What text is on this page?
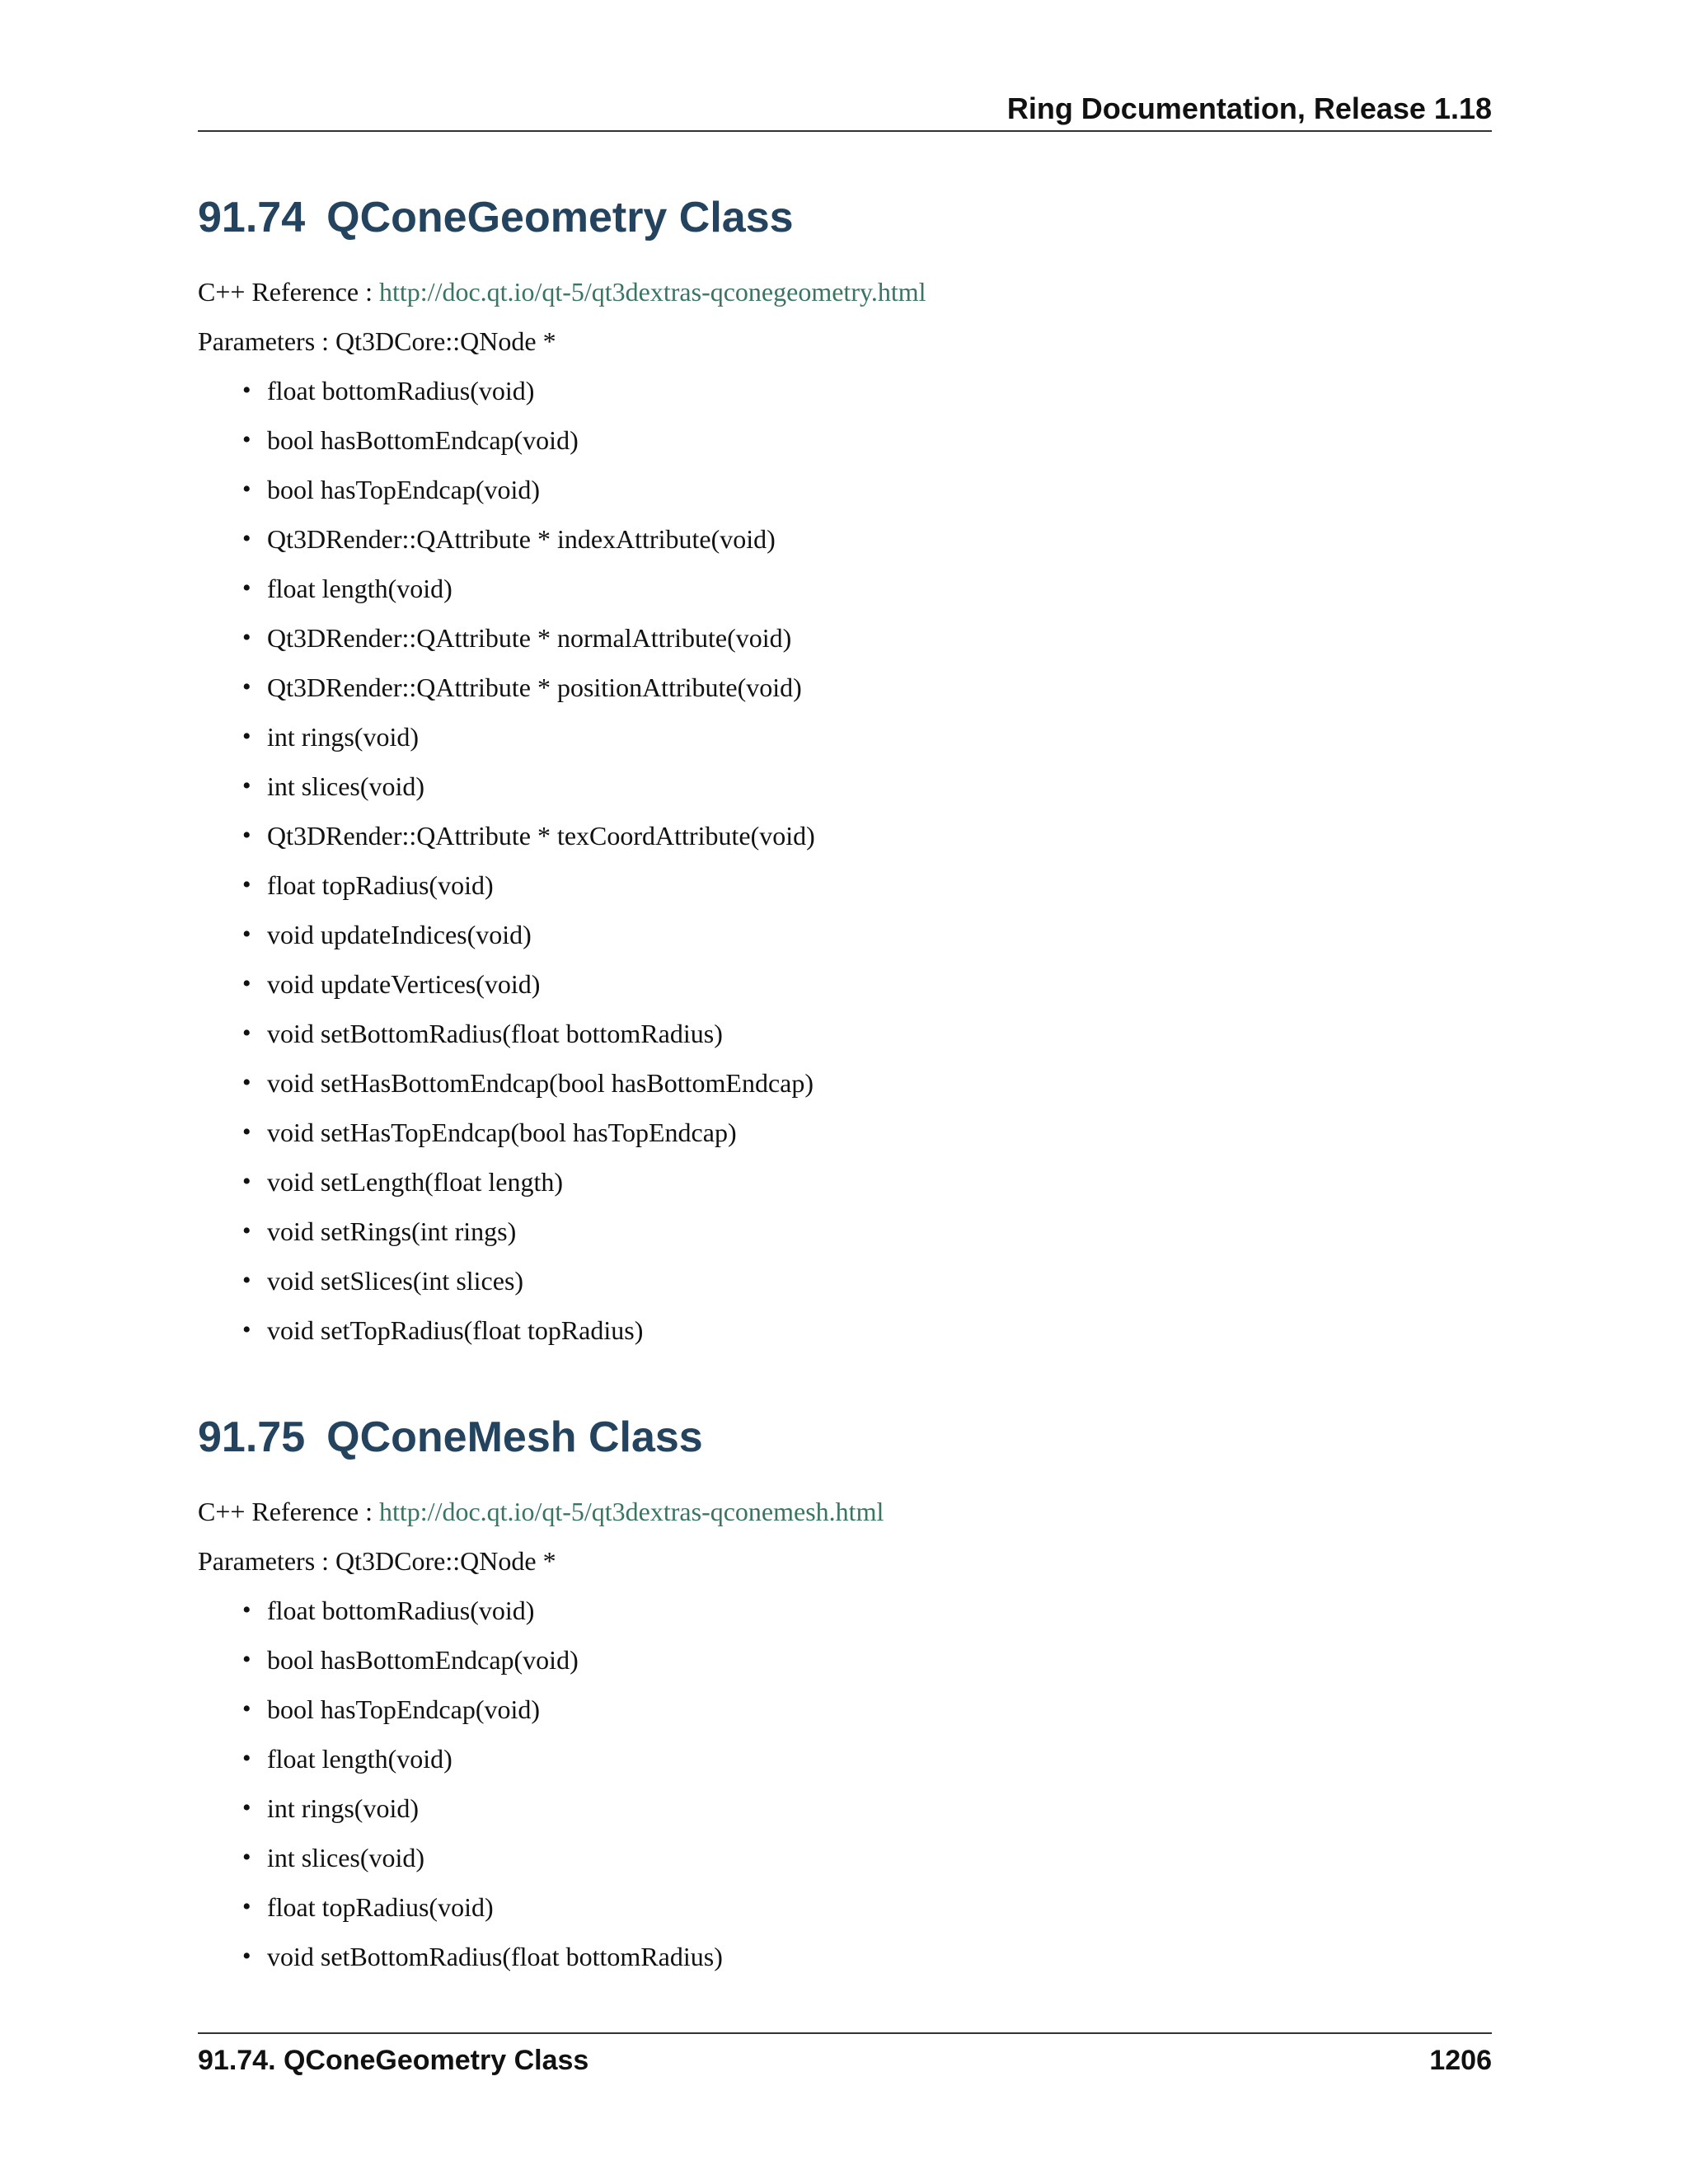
Ring Documentation, Release 1.18
91.74 QConeGeometry Class
C++ Reference : http://doc.qt.io/qt-5/qt3dextras-qconegeometry.html
Parameters : Qt3DCore::QNode *
• float bottomRadius(void)
• bool hasBottomEndcap(void)
• bool hasTopEndcap(void)
• Qt3DRender::QAttribute * indexAttribute(void)
• float length(void)
• Qt3DRender::QAttribute * normalAttribute(void)
• Qt3DRender::QAttribute * positionAttribute(void)
• int rings(void)
• int slices(void)
• Qt3DRender::QAttribute * texCoordAttribute(void)
• float topRadius(void)
• void updateIndices(void)
• void updateVertices(void)
• void setBottomRadius(float bottomRadius)
• void setHasBottomEndcap(bool hasBottomEndcap)
• void setHasTopEndcap(bool hasTopEndcap)
• void setLength(float length)
• void setRings(int rings)
• void setSlices(int slices)
• void setTopRadius(float topRadius)
91.75 QConeMesh Class
C++ Reference : http://doc.qt.io/qt-5/qt3dextras-qconemesh.html
Parameters : Qt3DCore::QNode *
• float bottomRadius(void)
• bool hasBottomEndcap(void)
• bool hasTopEndcap(void)
• float length(void)
• int rings(void)
• int slices(void)
• float topRadius(void)
• void setBottomRadius(float bottomRadius)
91.74. QConeGeometry Class	1206
